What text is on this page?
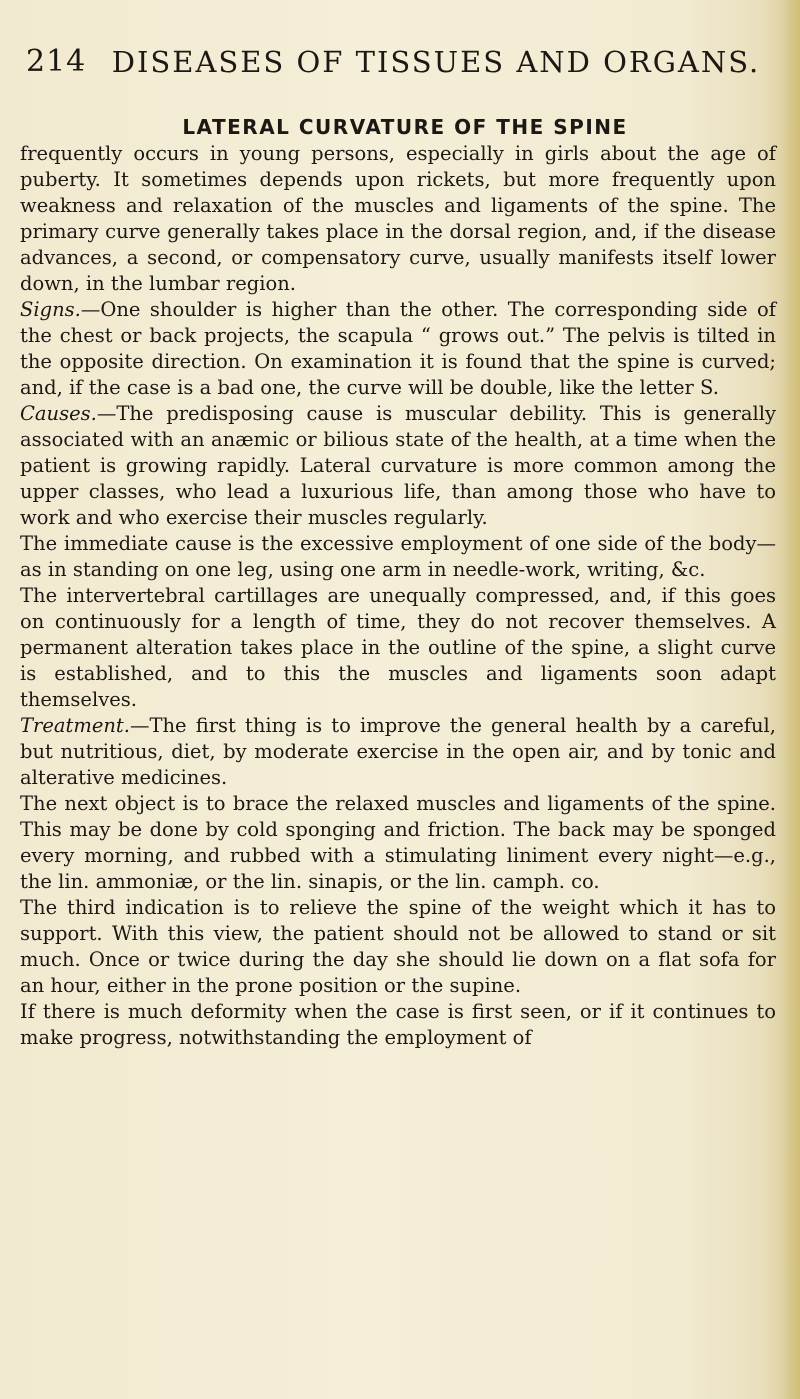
214 DISEASES OF TISSUES AND ORGANS.
LATERAL CURVATURE OF THE SPINE

frequently occurs in young persons, especially in girls about the age of puberty. It sometimes depends upon rickets, but more frequently upon weakness and relaxation of the muscles and ligaments of the spine. The primary curve generally takes place in the dorsal region, and, if the disease advances, a second, or compensatory curve, usually manifests itself lower down, in the lumbar region.

Signs.—One shoulder is higher than the other. The corresponding side of the chest or back projects, the scapula “ grows out.” The pelvis is tilted in the opposite direction. On examination it is found that the spine is curved; and, if the case is a bad one, the curve will be double, like the letter S.

Causes.—The predisposing cause is muscular debility. This is generally associated with an anæmic or bilious state of the health, at a time when the patient is growing rapidly. Lateral curvature is more common among the upper classes, who lead a luxurious life, than among those who have to work and who exercise their muscles regularly.

The immediate cause is the excessive employment of one side of the body—as in standing on one leg, using one arm in needle-work, writing, &c.

The intervertebral cartillages are unequally compressed, and, if this goes on continuously for a length of time, they do not recover themselves. A permanent alteration takes place in the outline of the spine, a slight curve is established, and to this the muscles and ligaments soon adapt themselves.

Treatment.—The first thing is to improve the general health by a careful, but nutritious, diet, by moderate exercise in the open air, and by tonic and alterative medicines.

The next object is to brace the relaxed muscles and ligaments of the spine. This may be done by cold sponging and friction. The back may be sponged every morning, and rubbed with a stimulating liniment every night—e.g., the lin. ammoniæ, or the lin. sinapis, or the lin. camph. co.

The third indication is to relieve the spine of the weight which it has to support. With this view, the patient should not be allowed to stand or sit much. Once or twice during the day she should lie down on a flat sofa for an hour, either in the prone position or the supine.

If there is much deformity when the case is first seen, or if it continues to make progress, notwithstanding the employment of
